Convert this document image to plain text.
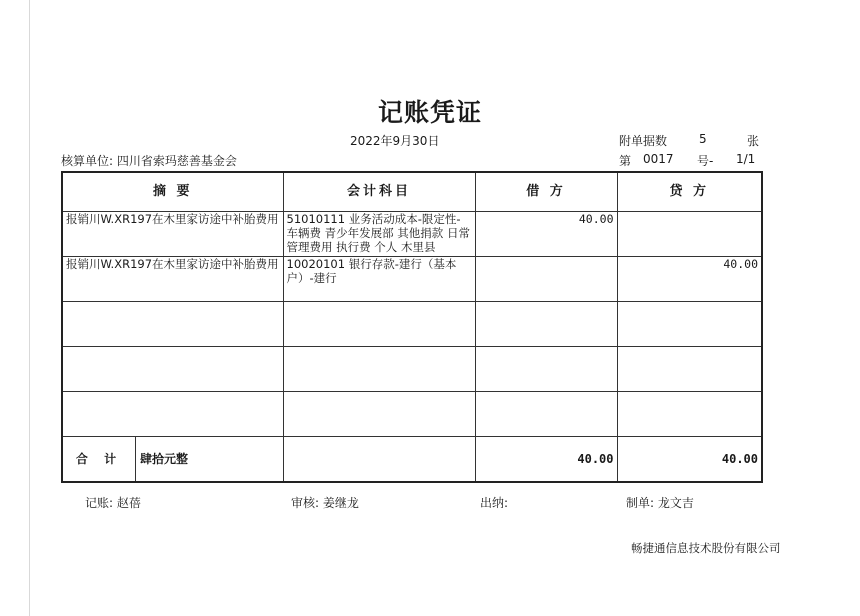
记账凭证
2022年9月30日	附单据数	5	张
核算单位: 四川省索玛慈善基金会	第 0017 号- 1/1
摘 要	会计科目	借 方	贷 方
报销川W.XR197在木里家访途中补胎费用	51010111 业务活动成本-限定性-车辆费 青少年发展部 其他捐款 日常管理费用 执行费 个人 木里县	40.00	
报销川W.XR197在木里家访途中补胎费用	10020101 银行存款-建行（基本户）-建行		40.00

合 计 肆拾元整		40.00	40.00
记账: 赵蓓	审核: 姜继龙	出纳:	制单: 龙文吉
畅捷通信息技术股份有限公司
